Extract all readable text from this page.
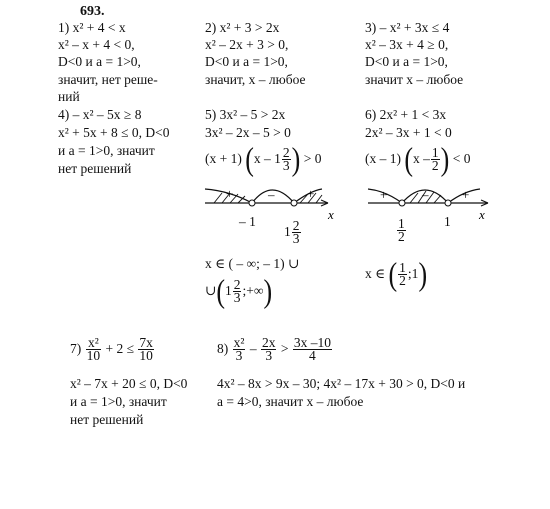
693.
1) x² + 4 < x
x² – x + 4 < 0,
D<0 и a = 1>0,
значит, нет реше-
ний
2) x² + 3 > 2x
x² – 2x + 3 > 0,
D<0 и a = 1>0,
значит, x – любое
3) – x² + 3x ≤ 4
x² – 3x + 4 ≥ 0,
D<0 и a = 1>0,
значит x – любое
4) – x² – 5x ≥ 8
x² + 5x + 8 ≤ 0, D<0
и a = 1>0, значит
нет решений
5) 3x² – 5 > 2x
3x² – 2x – 5 > 0
(x + 1) ($x - 1 \frac{2}{3}$ ) > 0
+	–	+
x
– 1
$1 \frac{2}{3}$
x ∈ ( – ∞; – 1) ∪
∪(1 $\frac{2}{3}$ ;+∞)
6) 2x² + 1 < 3x
2x² – 3x + 1 < 0
(x – 1) ($x - \frac{1}{2}$ ) < 0
+	–	+
x
$\frac{1}{2}$	1
x ∈ ( $\frac{1}{2}$ ;1)
$7) \frac{\text{x²}}{10} + 2 \le \frac{7x}{10}$
x² – 7x + 20 ≤ 0, D<0
и a = 1>0, значит
нет решений
$8) \frac{\text{x²}}{3} - \frac{2x}{3} > \frac{3x -10}{4}$
4x² – 8x > 9x – 30; 4x² – 17x + 30 > 0, D<0 и
a = 4>0, значит x – любое
